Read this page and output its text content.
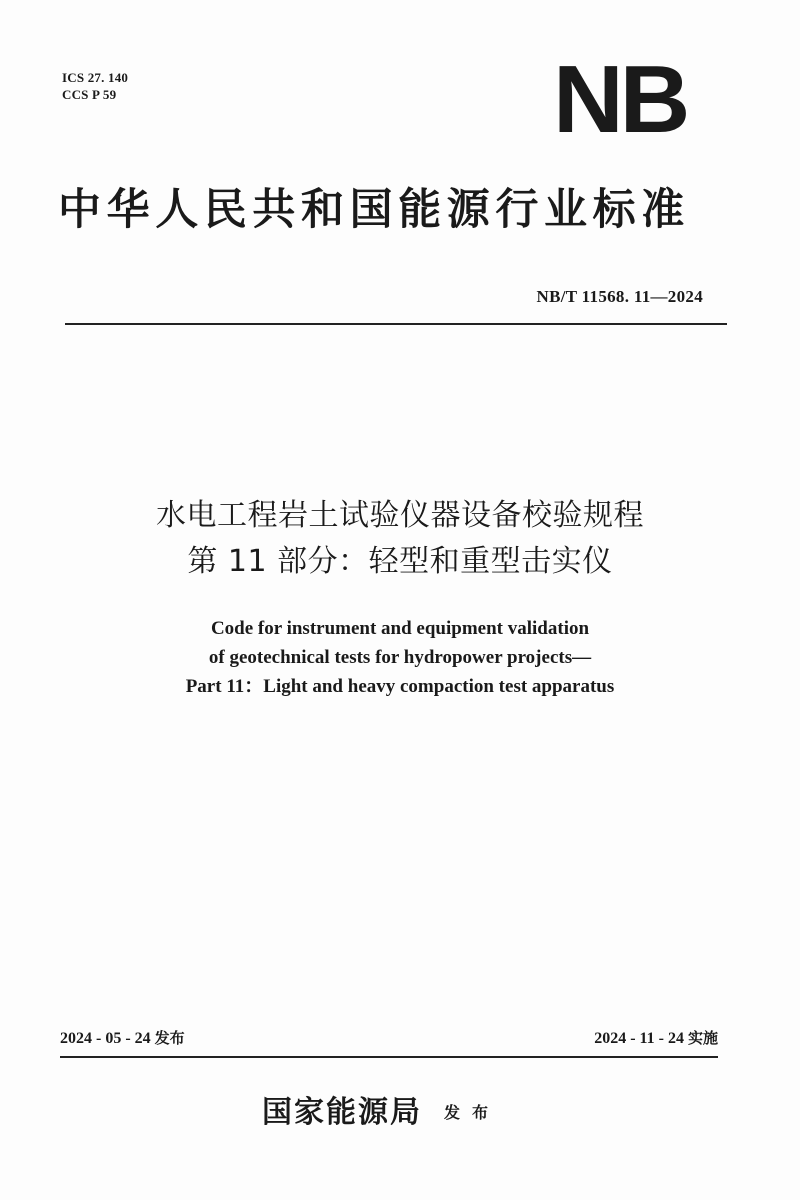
ICS 27. 140
CCS P 59	NB
中华人民共和国能源行业标准
NB/T 11568. 11—2024
水电工程岩土试验仪器设备校验规程
第 11 部分：轻型和重型击实仪
Code for instrument and equipment validation
of geotechnical tests for hydropower projects—
Part 11：Light and heavy compaction test apparatus
2024 - 05 - 24 发布	2024 - 11 - 24 实施
国家能源局 发布
